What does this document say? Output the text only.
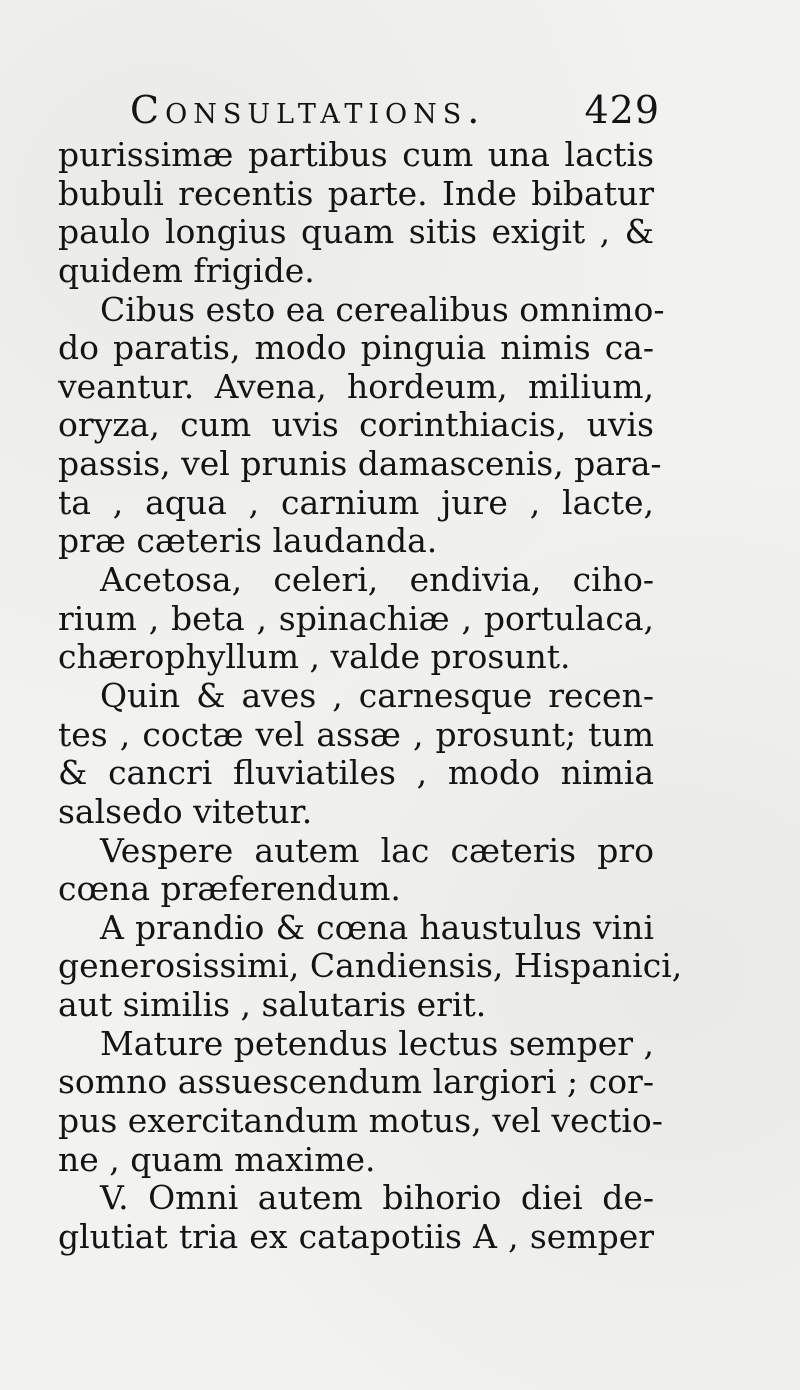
Consultations.	429
purissimæ partibus cum una lactis
bubuli recentis parte. Inde bibatur
paulo longius quam sitis exigit , &
quidem frigide.
Cibus esto ea cerealibus omnimo-
do paratis, modo pinguia nimis ca-
veantur. Avena, hordeum, milium,
oryza, cum uvis corinthiacis, uvis
passis, vel prunis damascenis, para-
ta , aqua , carnium jure , lacte,
præ cæteris laudanda.
Acetosa, celeri, endivia, ciho-
rium , beta , spinachiæ , portulaca,
chærophyllum , valde prosunt.
Quin & aves , carnesque recen-
tes , coctæ vel assæ , prosunt; tum
& cancri fluviatiles , modo nimia
salsedo vitetur.
Vespere autem lac cæteris pro
cœna præferendum.
A prandio & cœna haustulus vini
generosissimi, Candiensis, Hispanici,
aut similis , salutaris erit.
Mature petendus lectus semper ,
somno assuescendum largiori ; cor-
pus exercitandum motus, vel vectio-
ne , quam maxime.
V. Omni autem bihorio diei de-
glutiat tria ex catapotiis A , semper
